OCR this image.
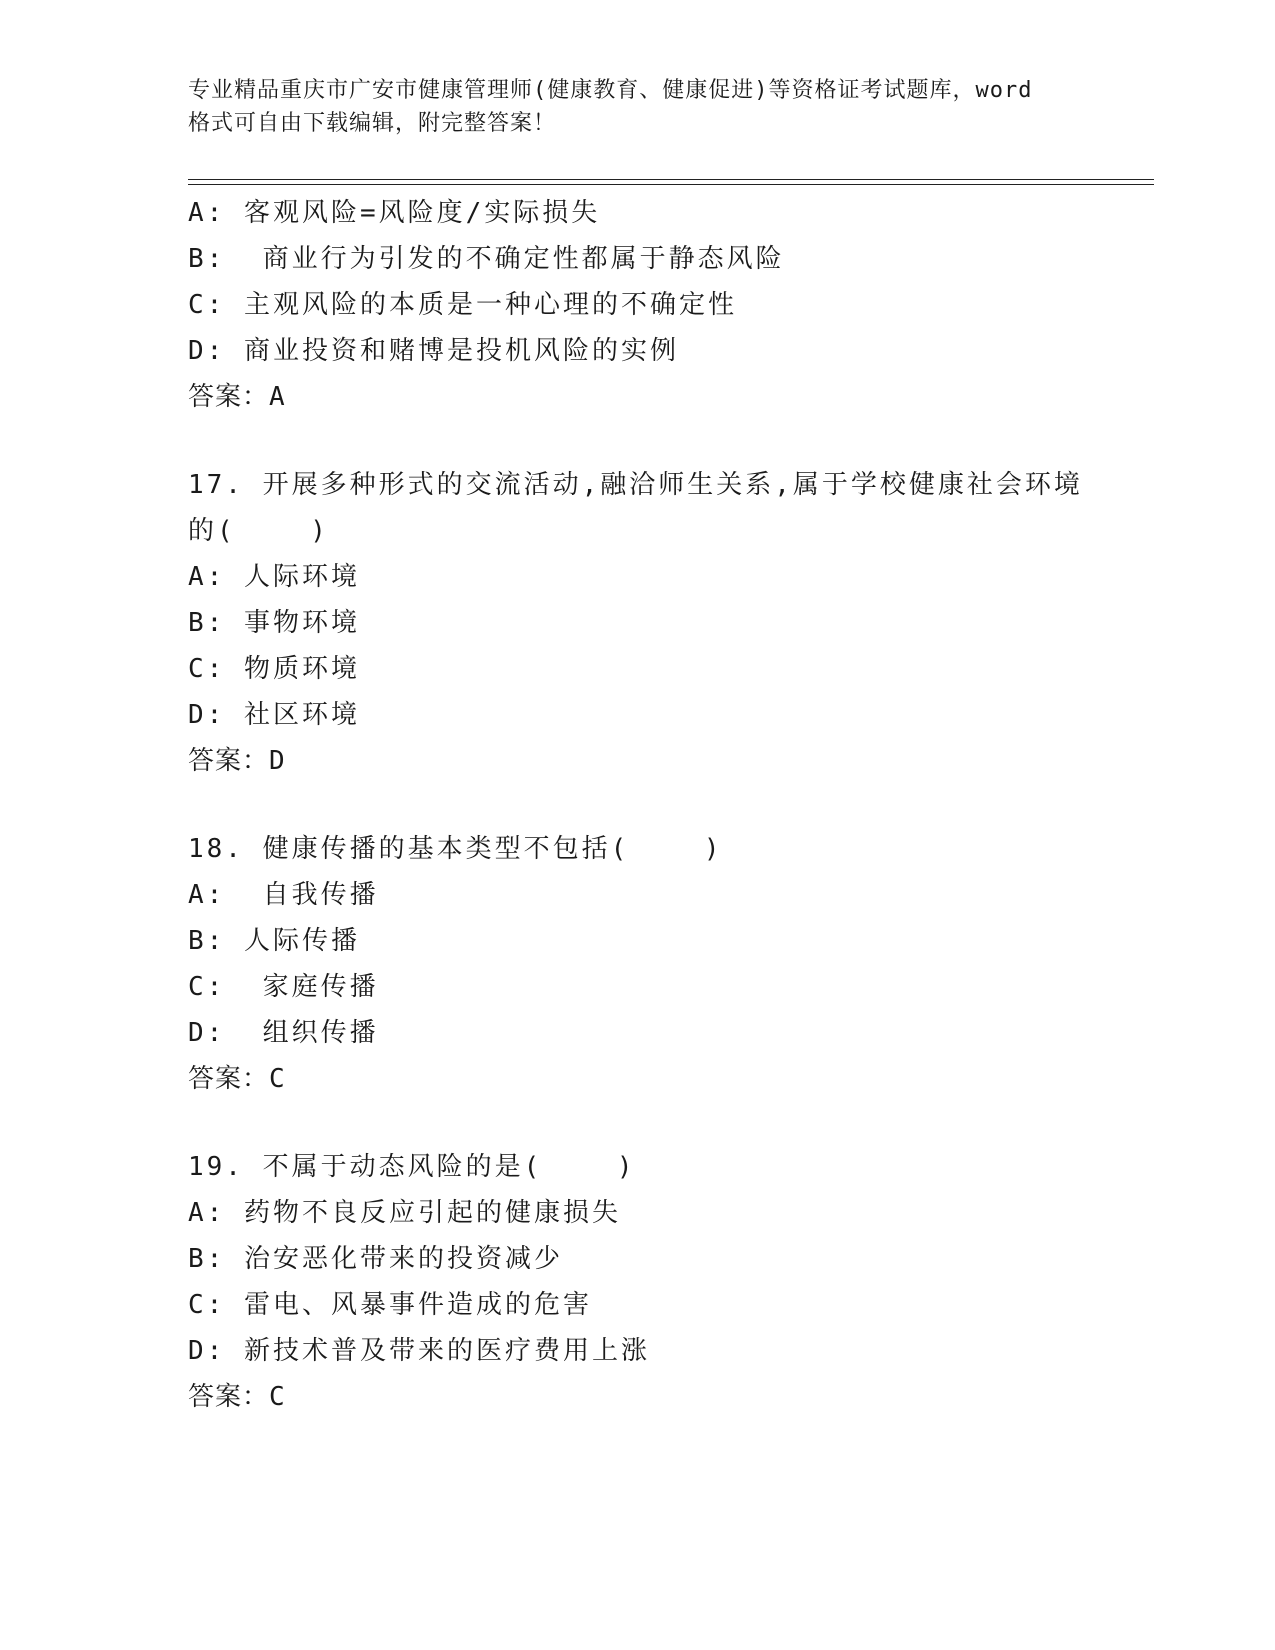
专业精品重庆市广安市健康管理师(健康教育、健康促进)等资格证考试题库，word
格式可自由下载编辑，附完整答案！
A: 客观风险=风险度/实际损失
B:  商业行为引发的不确定性都属于静态风险
C: 主观风险的本质是一种心理的不确定性
D: 商业投资和赌博是投机风险的实例
答案：A
17. 开展多种形式的交流活动,融洽师生关系,属于学校健康社会环境
的(    )
A: 人际环境
B: 事物环境
C: 物质环境
D: 社区环境
答案：D
18. 健康传播的基本类型不包括(    )
A:  自我传播
B: 人际传播
C:  家庭传播
D:  组织传播
答案：C
19. 不属于动态风险的是(    )
A: 药物不良反应引起的健康损失
B: 治安恶化带来的投资减少
C: 雷电、风暴事件造成的危害
D: 新技术普及带来的医疗费用上涨
答案：C
